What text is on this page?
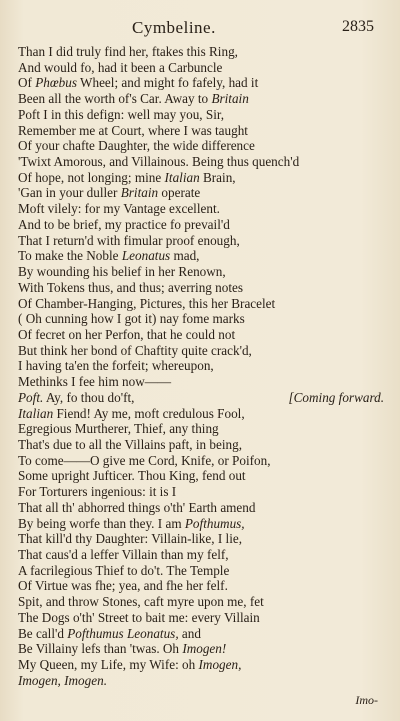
Cymbeline.	2835
Than I did truly find her, ftakes this Ring,
And would fo, had it been a Carbuncle
Of Phœbus Wheel; and might fo fafely, had it
Been all the worth of's Car. Away to Britain
Poft I in this defign: well may you, Sir,
Remember me at Court, where I was taught
Of your chafte Daughter, the wide difference
'Twixt Amorous, and Villainous. Being thus quench'd
Of hope, not longing; mine Italian Brain,
'Gan in your duller Britain operate
Moft vilely: for my Vantage excellent.
And to be brief, my practice fo prevail'd
That I return'd with fimular proof enough,
To make the Noble Leonatus mad,
By wounding his belief in her Renown,
With Tokens thus, and thus; averring notes
Of Chamber-Hanging, Pictures, this her Bracelet
( Oh cunning how I got it) nay fome marks
Of fecret on her Perfon, that he could not
But think her bond of Chaftity quite crack'd,
I having ta'en the forfeit; whereupon,
Methinks I fee him now——
Poft. Ay, fo thou do'ft,	[Coming forward.
Italian Fiend! Ay me, moft credulous Fool,
Egregious Murtherer, Thief, any thing
That's due to all the Villains paft, in being,
To come——O give me Cord, Knife, or Poifon,
Some upright Jufticer. Thou King, fend out
For Torturers ingenious: it is I
That all th' abhorred things o'th' Earth amend
By being worfe than they. I am Pofthumus,
That kill'd thy Daughter: Villain-like, I lie,
That caus'd a leffer Villain than my felf,
A facrilegious Thief to do't. The Temple
Of Virtue was fhe; yea, and fhe her felf.
Spit, and throw Stones, caft myre upon me, fet
The Dogs o'th' Street to bait me: every Villain
Be call'd Pofthumus Leonatus, and
Be Villainy lefs than 'twas. Oh Imogen!
My Queen, my Life, my Wife: oh Imogen,
Imogen, Imogen.
Imo-
